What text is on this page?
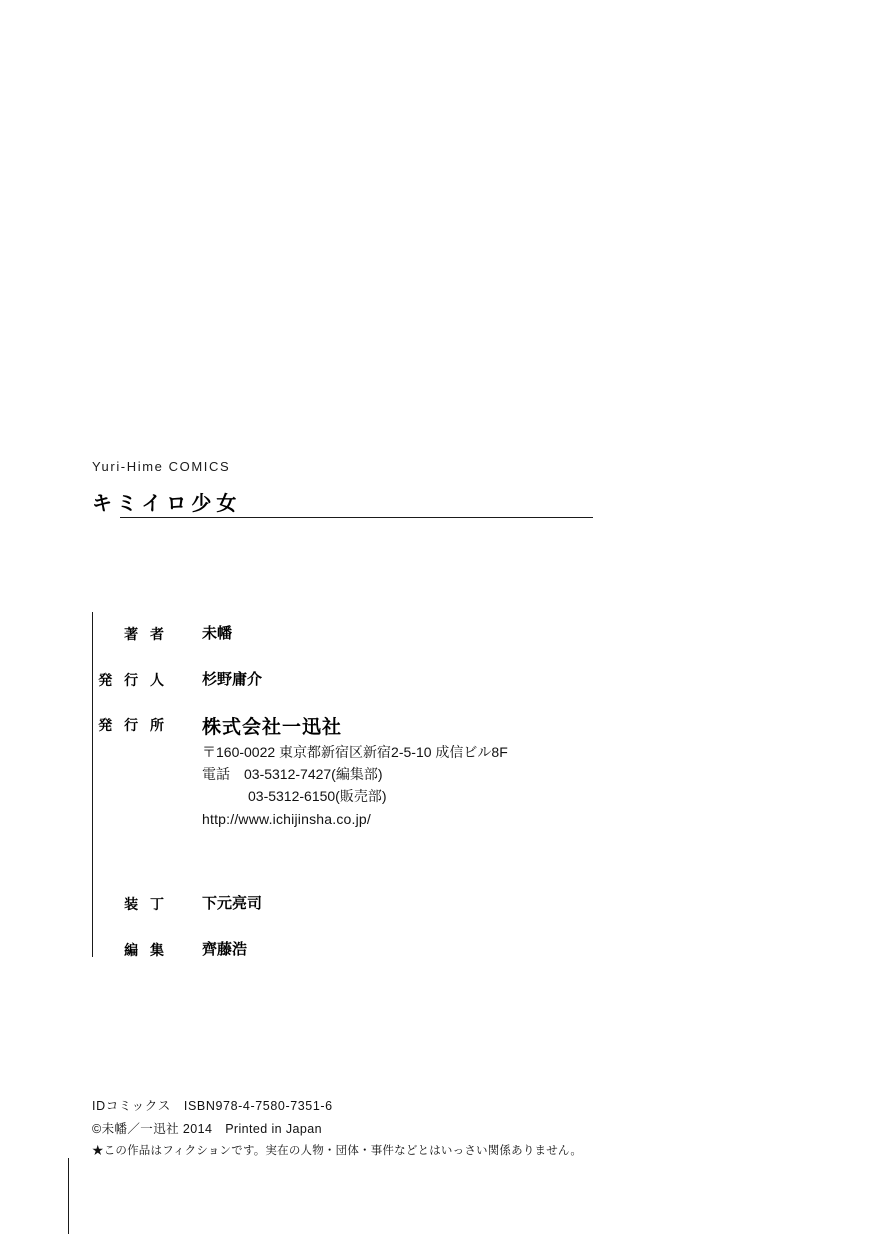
Yuri-Hime COMICS
キミイロ少女
著 者	未幡
発 行 人	杉野庸介
発 行 所	株式会社一迅社
〒160-0022 東京都新宿区新宿2-5-10 成信ビル8F
電話　03-5312-7427(編集部)
03-5312-6150(販売部)
http://www.ichijinsha.co.jp/
装 丁	下元亮司
編 集	齊藤浩
IDコミックス　ISBN978-4-7580-7351-6
©未幡／一迅社 2014　Printed in Japan
★この作品はフィクションです。実在の人物・団体・事件などとはいっさい関係ありません。
